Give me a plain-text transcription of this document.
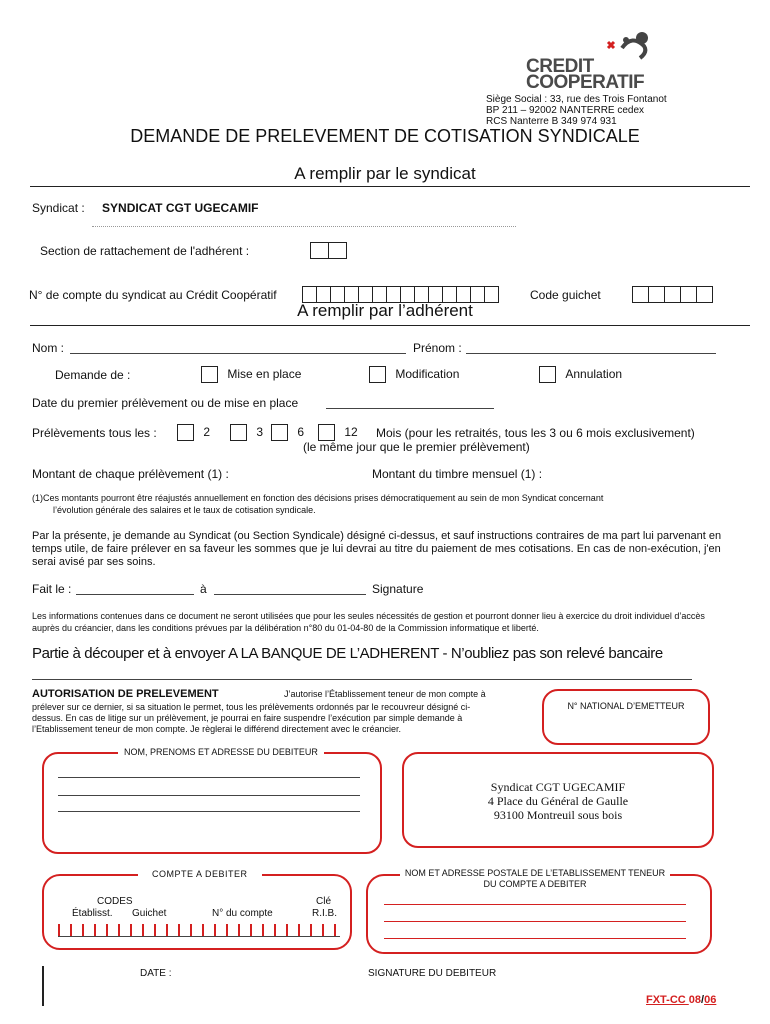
CREDIT
COOPERATIF
Siège Social : 33, rue des Trois Fontanot
BP 211 – 92002 NANTERRE cedex
RCS Nanterre B 349 974 931
DEMANDE DE PRELEVEMENT DE COTISATION SYNDICALE
A remplir par le syndicat
Syndicat : SYNDICAT CGT UGECAMIF
Section de rattachement de l'adhérent :
N° de compte du syndicat au Crédit Coopératif	Code guichet
A remplir par l’adhérent
Nom :	Prénom :
Demande de :	Mise en place	Modification	Annulation
Date du premier prélèvement ou de mise en place
Prélèvements tous les :	2	3	6	12 Mois (pour les retraités, tous les 3 ou 6 mois exclusivement)
(le même jour que le premier prélèvement)
Montant de chaque prélèvement (1) :	Montant du timbre mensuel (1) :
(1)Ces montants pourront être réajustés annuellement en fonction des décisions prises démocratiquement au sein de mon Syndicat concernant
l’évolution générale des salaires et le taux de cotisation syndicale.
Par la présente, je demande au Syndicat (ou Section Syndicale) désigné ci-dessus, et sauf instructions contraires de ma part lui parvenant en temps utile, de faire prélever en sa faveur les sommes que je lui devrai au titre du paiement de mes cotisations. En cas de non-exécution, j'en serai avisé par ses soins.
Fait le :	à	Signature
Les informations contenues dans ce document ne seront utilisées que pour les seules nécessités de gestion et pourront donner lieu à exercice du droit individuel d’accès auprès du créancier, dans les conditions prévues par la délibération n°80 du 01-04-80 de la Commission informatique et liberté.
Partie à découper et à envoyer A LA BANQUE DE L’ADHERENT - N’oubliez pas son relevé bancaire
AUTORISATION DE PRELEVEMENT	J’autorise l’Établissement teneur de mon compte à
prélever sur ce dernier, si sa situation le permet, tous les prélèvements ordonnés par le recouvreur désigné ci-dessus. En cas de litige sur un prélèvement, je pourrai en faire suspendre l’exécution par simple demande à l’Etablissement teneur de mon compte. Je règlerai le différend directement avec le créancier.
N° NATIONAL D’EMETTEUR
NOM, PRENOMS ET ADRESSE DU DEBITEUR
Syndicat CGT UGECAMIF
4 Place du Général de Gaulle
93100 Montreuil sous bois
COMPTE A DEBITER
CODES
Établisst. Guichet	N° du compte
Clé
R.I.B.
NOM ET ADRESSE POSTALE DE L’ETABLISSEMENT TENEUR
DU COMPTE A DEBITER
DATE :	SIGNATURE DU DEBITEUR
FXT-CC 08/06
